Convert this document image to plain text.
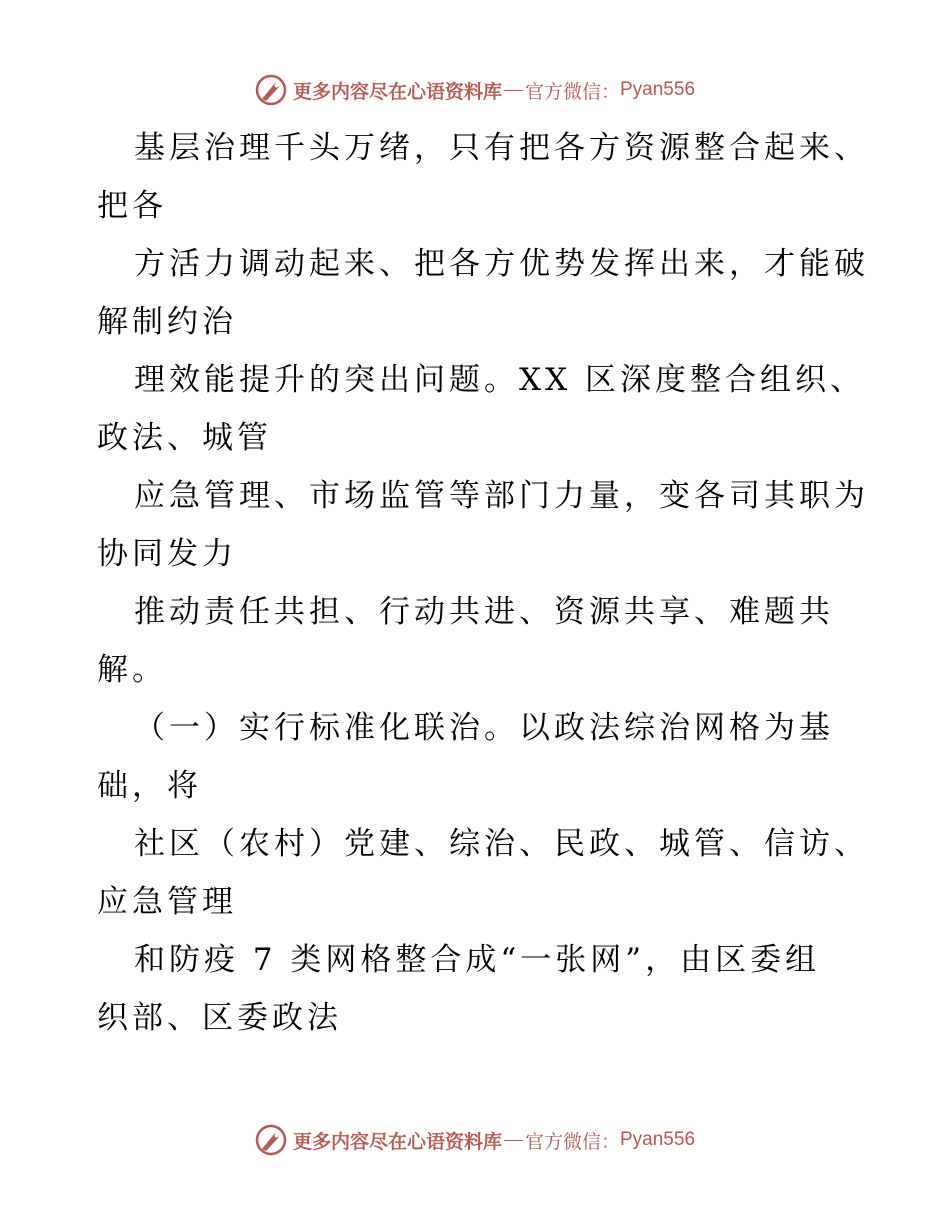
更多内容尽在心语资料库 — 官方微信： Pyan556
基层治理千头万绪，只有把各方资源整合起来、
把各
方活力调动起来、把各方优势发挥出来，才能破
解制约治
理效能提升的突出问题。XX 区深度整合组织、
政法、城管
应急管理、市场监管等部门力量，变各司其职为
协同发力
推动责任共担、行动共进、资源共享、难题共
解。
（一）实行标准化联治。以政法综治网格为基
础，将
社区（农村）党建、综治、民政、城管、信访、
应急管理
和防疫 7 类网格整合成“一张网”，由区委组
织部、区委政法
更多内容尽在心语资料库 — 官方微信： Pyan556
